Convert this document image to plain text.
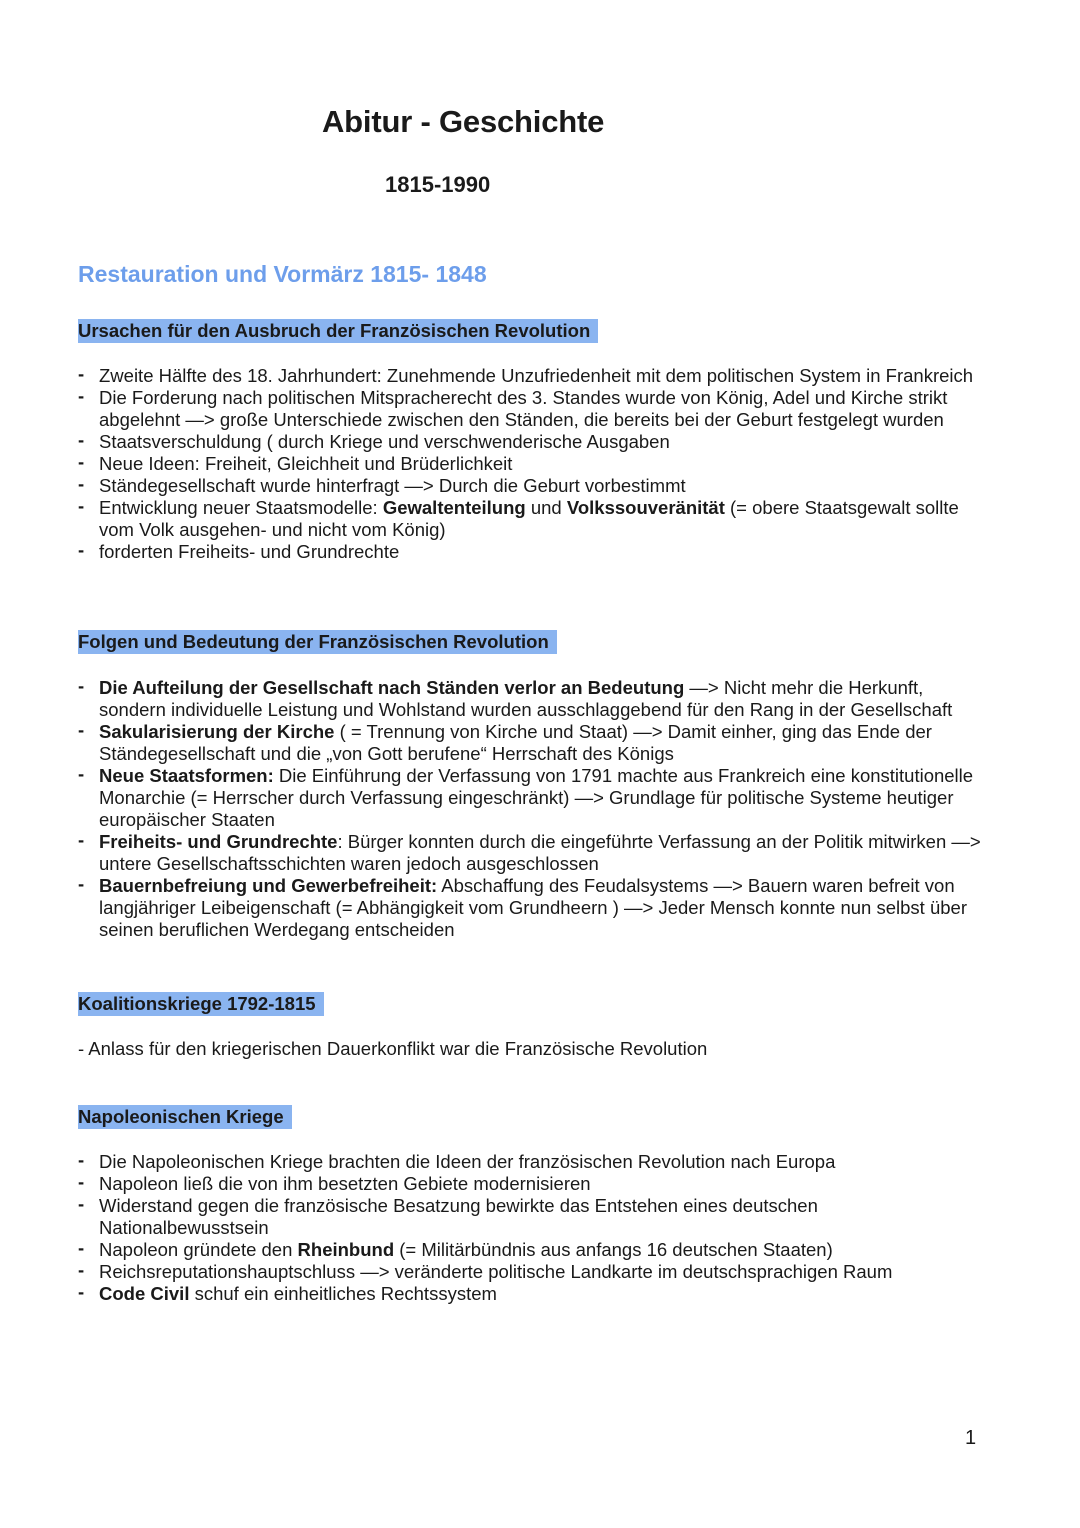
Abitur - Geschichte
1815-1990
Restauration und Vormärz 1815- 1848
Ursachen für den Ausbruch der Französischen Revolution
- Zweite Hälfte des 18. Jahrhundert: Zunehmende Unzufriedenheit mit dem politischen System in Frankreich
- Die Forderung nach politischen Mitspracherecht des 3. Standes wurde von König, Adel und Kirche strikt abgelehnt —> große Unterschiede zwischen den Ständen, die bereits bei der Geburt festgelegt wurden
- Staatsverschuldung ( durch Kriege und verschwenderische Ausgaben
- Neue Ideen: Freiheit, Gleichheit und Brüderlichkeit
- Ständegesellschaft wurde hinterfragt —> Durch die Geburt vorbestimmt
- Entwicklung neuer Staatsmodelle: Gewaltenteilung und Volkssouveränität (= obere Staatsgewalt sollte vom Volk ausgehen- und nicht vom König)
- forderten Freiheits- und Grundrechte
Folgen und Bedeutung der Französischen Revolution
- Die Aufteilung der Gesellschaft nach Ständen verlor an Bedeutung —> Nicht mehr die Herkunft, sondern individuelle Leistung und Wohlstand wurden ausschlaggebend für den Rang in der Gesellschaft
- Sakularisierung der Kirche ( = Trennung von Kirche und Staat) —> Damit einher, ging das Ende der Ständegesellschaft und die „von Gott berufene“ Herrschaft des Königs
- Neue Staatsformen: Die Einführung der Verfassung von 1791 machte aus Frankreich eine konstitutionelle Monarchie (= Herrscher durch Verfassung eingeschränkt) —> Grundlage für politische Systeme heutiger europäischer Staaten
- Freiheits- und Grundrechte: Bürger konnten durch die eingeführte Verfassung an der Politik mitwirken —> untere Gesellschaftsschichten waren jedoch ausgeschlossen
- Bauernbefreiung und Gewerbefreiheit: Abschaffung des Feudalsystems —> Bauern waren befreit von langjähriger Leibeigenschaft (= Abhängigkeit vom Grundheern ) —> Jeder Mensch konnte nun selbst über seinen beruflichen Werdegang entscheiden
Koalitionskriege 1792-1815

- Anlass für den kriegerischen Dauerkonflikt war die Französische Revolution

Napoleonischen Kriege
- Die Napoleonischen Kriege brachten die Ideen der französischen Revolution nach Europa
- Napoleon ließ die von ihm besetzten Gebiete modernisieren
- Widerstand gegen die französische Besatzung bewirkte das Entstehen eines deutschen Nationalbewusstsein
- Napoleon gründete den Rheinbund (= Militärbündnis aus anfangs 16 deutschen Staaten)
- Reichsreputationshauptschluss —> veränderte politische Landkarte im deutschsprachigen Raum
- Code Civil schuf ein einheitliches Rechtssystem
1
